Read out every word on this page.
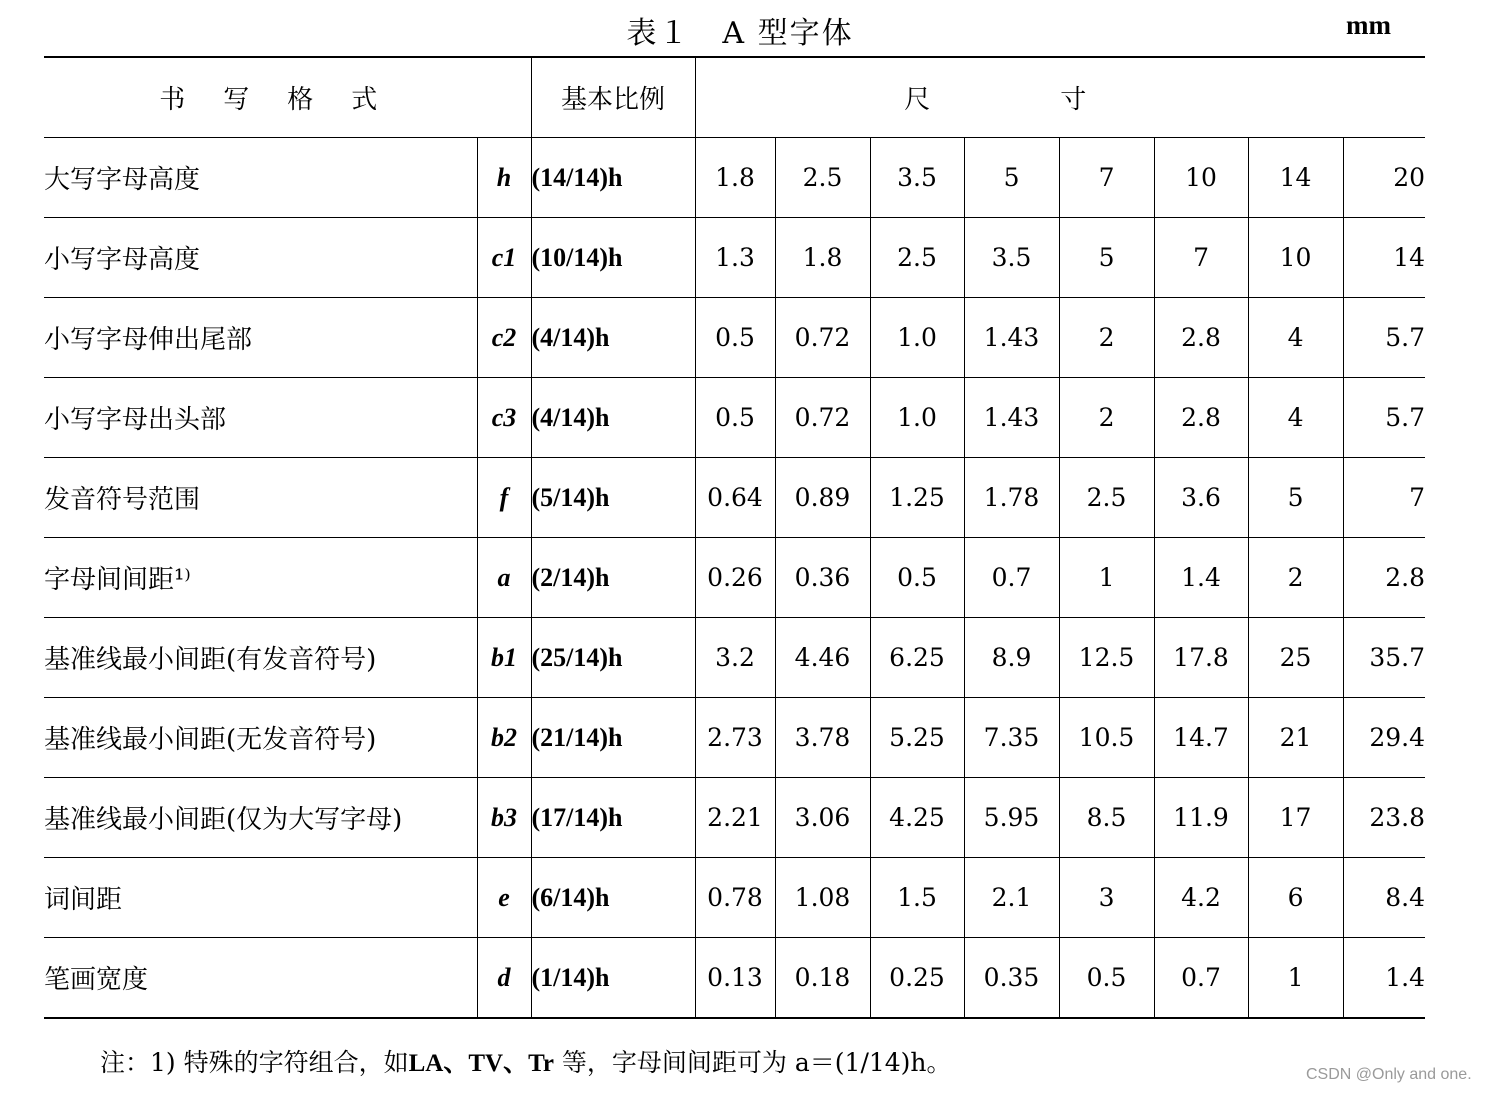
表１　A 型字体	mm
书写格式		基本比例	尺寸							
大写字母高度	h	(14/14)h	1.8	2.5	3.5	5	7	10	14	20
小写字母高度	c1	(10/14)h	1.3	1.8	2.5	3.5	5	7	10	14
小写字母伸出尾部	c2	(4/14)h	0.5	0.72	1.0	1.43	2	2.8	4	5.7
小写字母出头部	c3	(4/14)h	0.5	0.72	1.0	1.43	2	2.8	4	5.7
发音符号范围	f	(5/14)h	0.64	0.89	1.25	1.78	2.5	3.6	5	7
字母间间距¹⁾	a	(2/14)h	0.26	0.36	0.5	0.7	1	1.4	2	2.8
基准线最小间距(有发音符号)	b1	(25/14)h	3.2	4.46	6.25	8.9	12.5	17.8	25	35.7
基准线最小间距(无发音符号)	b2	(21/14)h	2.73	3.78	5.25	7.35	10.5	14.7	21	29.4
基准线最小间距(仅为大写字母)	b3	(17/14)h	2.21	3.06	4.25	5.95	8.5	11.9	17	23.8
词间距	e	(6/14)h	0.78	1.08	1.5	2.1	3	4.2	6	8.4
笔画宽度	d	(1/14)h	0.13	0.18	0.25	0.35	0.5	0.7	1	1.4
注：1) 特殊的字符组合，如LA、TV、Tr 等，字母间间距可为 a＝(1/14)h。	CSDN @Only and one.
